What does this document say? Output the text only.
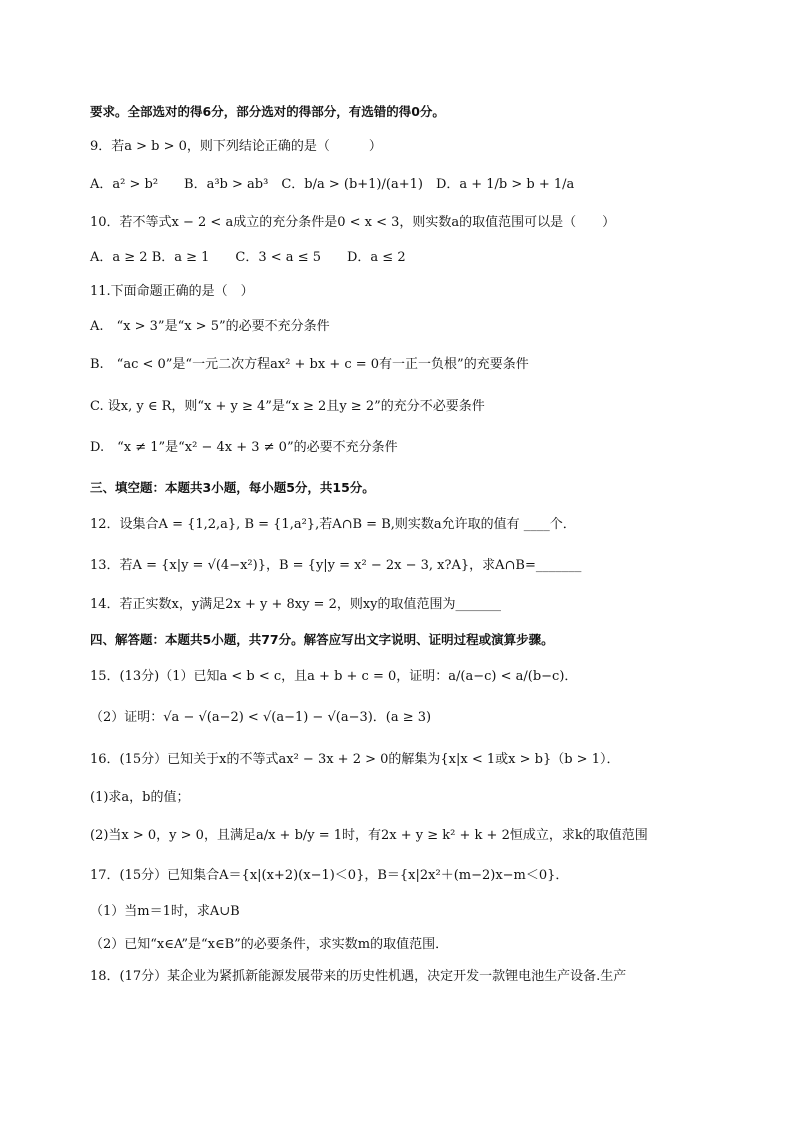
要求。全部选对的得6分，部分选对的得部分，有选错的得0分。
9．若a > b > 0，则下列结论正确的是（　　　）
A．a² > b²　　B．a³b > ab³　C．b/a > (b+1)/(a+1)　D．a + 1/b > b + 1/a
10．若不等式x − 2 < a成立的充分条件是0 < x < 3，则实数a的取值范围可以是（　　）
A．a ≥ 2 B．a ≥ 1　　C．3 < a ≤ 5　　D．a ≤ 2
11.下面命题正确的是（　）
A.　“x > 3”是“x > 5”的必要不充分条件
B.　“ac < 0”是“一元二次方程ax² + bx + c = 0有一正一负根”的充要条件
C. 设x, y ∈ R，则“x + y ≥ 4”是“x ≥ 2且y ≥ 2”的充分不必要条件
D.　“x ≠ 1”是“x² − 4x + 3 ≠ 0”的必要不充分条件
三、填空题：本题共3小题，每小题5分，共15分。
12．设集合A = {1,2,a}, B = {1,a²},若A∩B = B,则实数a允许取的值有 ____个．
13．若A = {x|y = √(4−x²)}，B = {y|y = x² − 2x − 3, x?A}，求A∩B=_______
14．若正实数x，y满足2x + y + 8xy = 2，则xy的取值范围为_______
四、解答题：本题共5小题，共77分。解答应写出文字说明、证明过程或演算步骤。
15．(13分)（1）已知a < b < c，且a + b + c = 0，证明：a/(a−c) < a/(b−c)．
（2）证明：√a − √(a−2) < √(a−1) − √(a−3)．(a ≥ 3)
16．(15分）已知关于x的不等式ax² − 3x + 2 > 0的解集为{x|x < 1或x > b}（b > 1）．
(1)求a，b的值；
(2)当x > 0，y > 0，且满足a/x + b/y = 1时，有2x + y ≥ k² + k + 2恒成立，求k的取值范围
17．(15分）已知集合A＝{x|(x+2)(x−1)＜0}，B＝{x|2x²＋(m−2)x−m＜0}．
（1）当m＝1时，求A∪B
（2）已知“x∈A”是“x∈B”的必要条件，求实数m的取值范围．
18．(17分）某企业为紧抓新能源发展带来的历史性机遇，决定开发一款锂电池生产设备.生产
